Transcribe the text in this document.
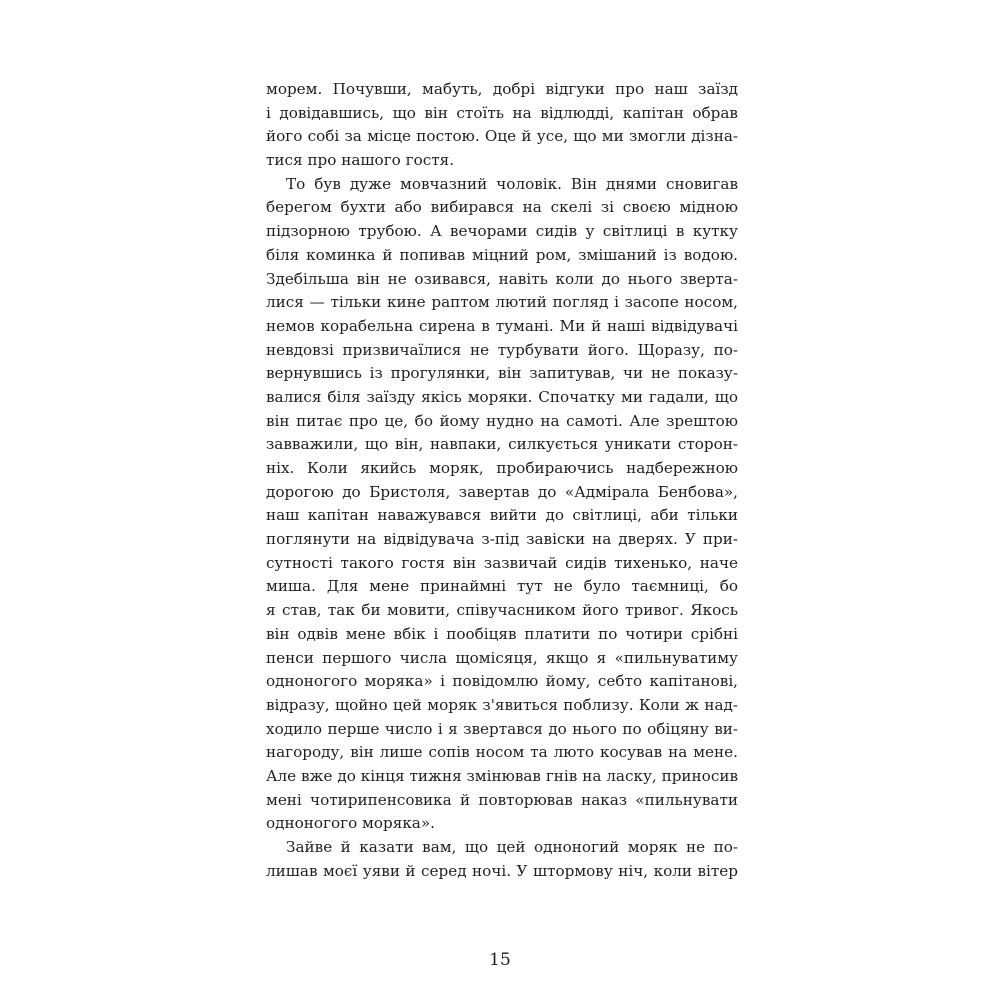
морем. Почувши, мабуть, добрі відгуки про наш заїзд
і довідавшись, що він стоїть на відлюдді, капітан обрав
його собі за місце постою. Оце й усе, що ми змогли дізна-
тися про нашого гостя.
То був дуже мовчазний чоловік. Він днями сновигав
берегом бухти або вибирався на скелі зі своєю мідною
підзорною трубою. А вечорами сидів у світлиці в кутку
біля коминка й попивав міцний ром, змішаний із водою.
Здебільша він не озивався, навіть коли до нього зверта-
лися — тільки кине раптом лютий погляд і засопе носом,
немов корабельна сирена в тумані. Ми й наші відвідувачі
невдовзі призвичаїлися не турбувати його. Щоразу, по-
вернувшись із прогулянки, він запитував, чи не показу-
валися біля заїзду якісь моряки. Спочатку ми гадали, що
він питає про це, бо йому нудно на самоті. Але зрештою
завважили, що він, навпаки, силкується уникати сторон-
ніх. Коли якийсь моряк, пробираючись надбережною
дорогою до Бристоля, завертав до «Адмірала Бенбова»,
наш капітан наважувався вийти до світлиці, аби тільки
поглянути на відвідувача з-під завіски на дверях. У при-
сутності такого гостя він зазвичай сидів тихенько, наче
миша. Для мене принаймні тут не було таємниці, бо
я став, так би мовити, співучасником його тривог. Якось
він одвів мене вбік і пообіцяв платити по чотири срібні
пенси першого числа щомісяця, якщо я «пильнуватиму
одноногого моряка» і повідомлю йому, себто капітанові,
відразу, щойно цей моряк з'явиться поблизу. Коли ж над-
ходило перше число і я звертався до нього по обіцяну ви-
нагороду, він лише сопів носом та люто косував на мене.
Але вже до кінця тижня змінював гнів на ласку, приносив
мені чотирипенсовика й повторював наказ «пильнувати
одноногого моряка».
Зайве й казати вам, що цей одноногий моряк не по-
лишав моєї уяви й серед ночі. У штормову ніч, коли вітер
15
